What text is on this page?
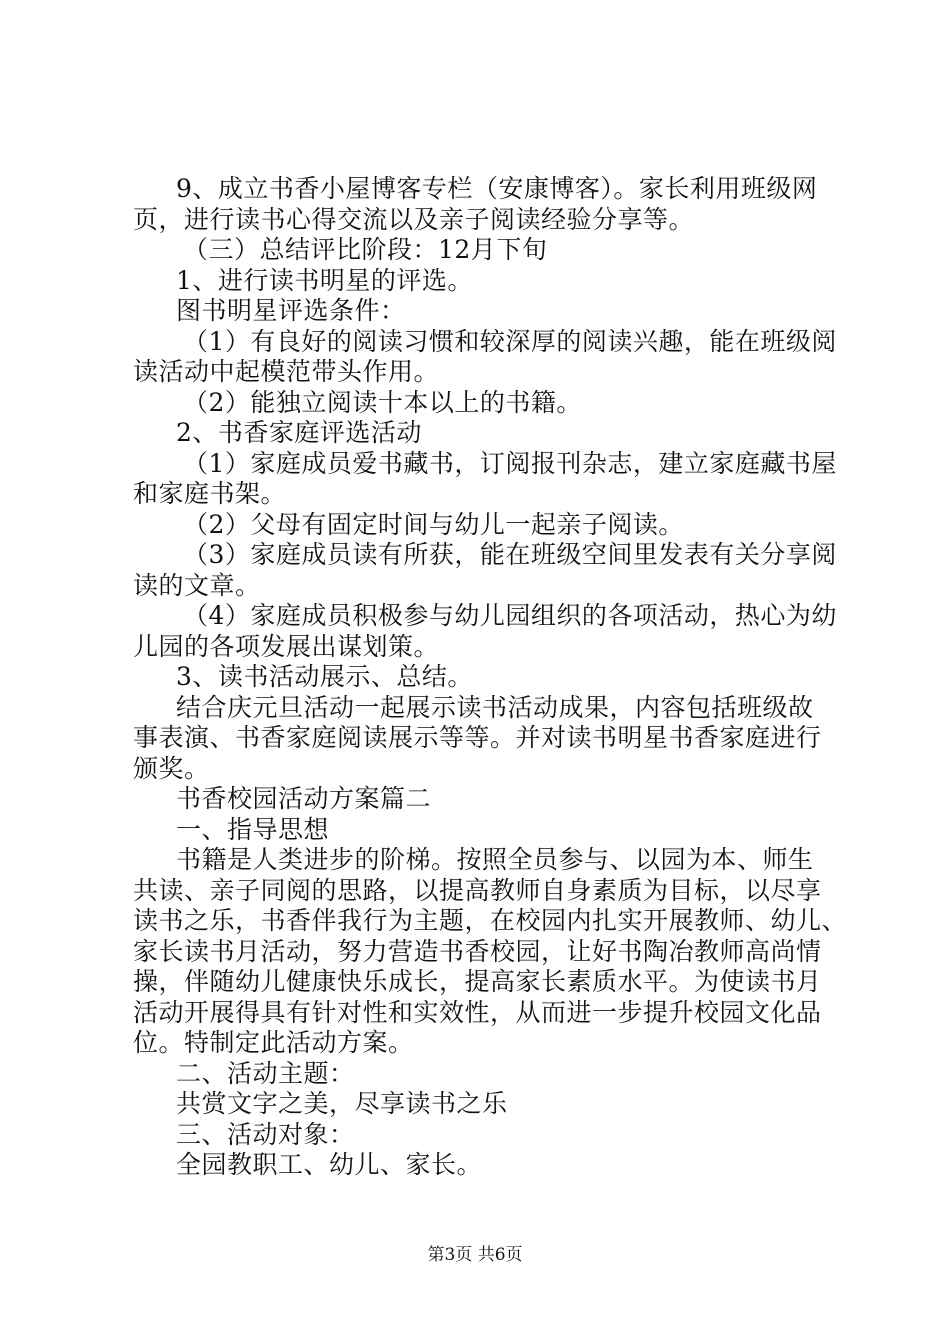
9、成立书香小屋博客专栏（安康博客）。家长利用班级网
页，进行读书心得交流以及亲子阅读经验分享等。
（三）总结评比阶段：12月下旬
1、进行读书明星的评选。
图书明星评选条件：
（1）有良好的阅读习惯和较深厚的阅读兴趣，能在班级阅
读活动中起模范带头作用。
（2）能独立阅读十本以上的书籍。
2、书香家庭评选活动
（1）家庭成员爱书藏书，订阅报刊杂志，建立家庭藏书屋
和家庭书架。
（2）父母有固定时间与幼儿一起亲子阅读。
（3）家庭成员读有所获，能在班级空间里发表有关分享阅
读的文章。
（4）家庭成员积极参与幼儿园组织的各项活动，热心为幼
儿园的各项发展出谋划策。
3、读书活动展示、总结。
结合庆元旦活动一起展示读书活动成果，内容包括班级故
事表演、书香家庭阅读展示等等。并对读书明星书香家庭进行
颁奖。
书香校园活动方案篇二
一、指导思想
书籍是人类进步的阶梯。按照全员参与、以园为本、师生
共读、亲子同阅的思路，以提高教师自身素质为目标，以尽享
读书之乐，书香伴我行为主题，在校园内扎实开展教师、幼儿、
家长读书月活动，努力营造书香校园，让好书陶冶教师高尚情
操，伴随幼儿健康快乐成长，提高家长素质水平。为使读书月
活动开展得具有针对性和实效性，从而进一步提升校园文化品
位。特制定此活动方案。
二、活动主题：
共赏文字之美，尽享读书之乐
三、活动对象：
全园教职工、幼儿、家长。
第3页 共6页
